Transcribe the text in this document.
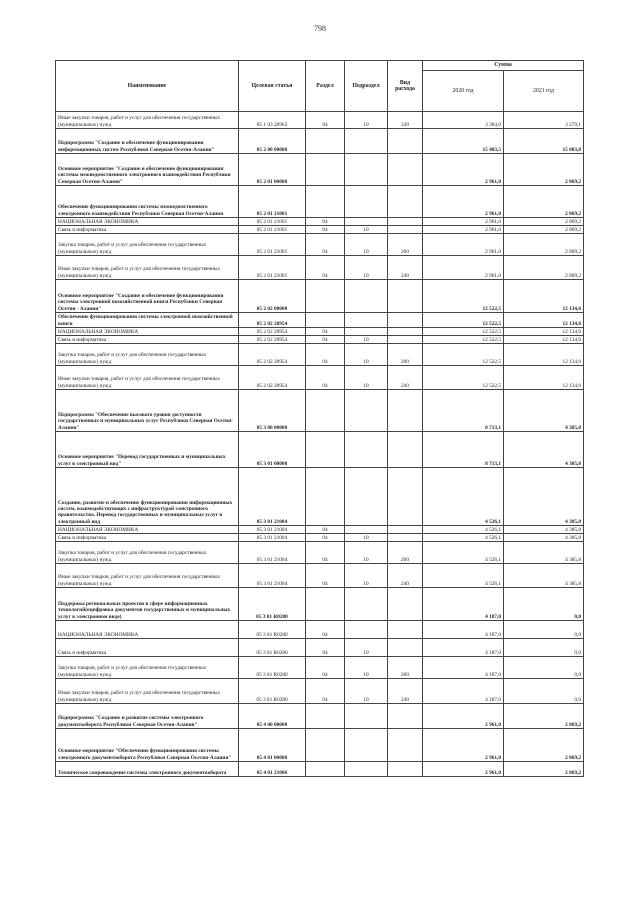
798
Наименование	Целевая статья	Раздел	Подраздел	Вид расхода	Сумма	
					2020 год	2021 год
Иные закупки товаров, работ и услуг для обеспечения государственных (муниципальных) нужд	05 1 03 20963	04	10	240	3 384,0	3 279,1
Подпрограмма "Создание и обеспечение функционирования информационных систем Республики Северная Осетия-Алания"	05 2 00 00000				15 483,5	15 003,8
Основное мероприятие "Создание и обеспечение функционирования системы межведомственного электронного взаимодействия Республики Северная Осетия-Алания"	05 2 01 00000				2 961,0	2 869,2
Обеспечение функционирования системы межведомственного электронного взаимодействия Республики Северная Осетия-Алания	05 2 01 21001				2 961,0	2 869,2
НАЦИОНАЛЬНАЯ ЭКОНОМИКА	05 2 01 21001	04			2 961,0	2 869,2
Связь и информатика	05 2 01 21001	04	10		2 961,0	2 869,2
Закупка товаров, работ и услуг для обеспечения государственных (муниципальных) нужд	05 2 01 21001	04	10	200	2 961,0	2 869,2
Иные закупки товаров, работ и услуг для обеспечения государственных (муниципальных) нужд	05 2 01 21001	04	10	240	2 961,0	2 869,2
Основное мероприятие "Создание и обеспечение функционирования системы электронной похозяйственной книги Республики Северная Осетия - Алания"	05 2 02 00000				12 522,5	12 134,6
Обеспечение функционирования системы электронной похозяйственной книги	05 2 02 20954				12 522,5	12 134,6
НАЦИОНАЛЬНАЯ ЭКОНОМИКА	05 2 02 20954	04			12 522,5	12 134,6
Связь и информатика	05 2 02 20954	04	10		12 522,5	12 134,6
Закупка товаров, работ и услуг для обеспечения государственных (муниципальных) нужд	05 2 02 20954	04	10	200	12 522,5	12 134,6
Иные закупки товаров, работ и услуг для обеспечения государственных (муниципальных) нужд	05 2 02 20954	04	10	240	12 522,5	12 134,6
Подпрограмма "Обеспечение высокого уровня доступности государственных и муниципальных услуг Республики Северная Осетия-Алания"	05 3 00 00000				8 713,1	4 385,8
Основное мероприятие "Перевод государственных и муниципальных услуг в электронный вид"	05 3 01 00000				8 713,1	4 385,8
Создание, развитие и обеспечение функционирования информационных систем, взаимодействующих с инфраструктурой электронного правительства. Перевод государственных и муниципальных услуг в электронный вид	05 3 01 21004				4 526,1	4 385,8
НАЦИОНАЛЬНАЯ ЭКОНОМИКА	05 3 01 21004	04			4 526,1	4 385,8
Связь и информатика	05 3 01 21004	04	10		4 526,1	4 385,8
Закупка товаров, работ и услуг для обеспечения государственных (муниципальных) нужд	05 3 01 21004	04	10	200	4 526,1	4 385,8
Иные закупки товаров, работ и услуг для обеспечения государственных (муниципальных) нужд	05 3 01 21004	04	10	240	4 526,1	4 385,8
Поддержка региональных проектов в сфере информационных технологий(оцифровка документов государственных и муниципальных услуг в электронном виде)	05 3 01 R0280				4 187,0	0,0
НАЦИОНАЛЬНАЯ ЭКОНОМИКА	05 3 01 R0280	04			4 187,0	0,0
Связь и информатика	05 3 01 R0280	04	10		4 187,0	0,0
Закупка товаров, работ и услуг для обеспечения государственных (муниципальных) нужд	05 3 01 R0280	04	10	200	4 187,0	0,0
Иные закупки товаров, работ и услуг для обеспечения государственных (муниципальных) нужд	05 3 01 R0280	04	10	240	4 187,0	0,0
Подпрограмма "Создание и развитие системы электронного документооборота Республики Северная Осетия-Алания"	05 4 00 00000				2 961,0	2 869,2
Основное мероприятие "Обеспечение функционирования системы электронного документооборота Республики Северная Осетия-Алания"	05 4 01 00000				2 961,0	2 869,2
Техническое сопровождение системы электронного документооборота	05 4 01 21006				2 961,0	2 869,2
